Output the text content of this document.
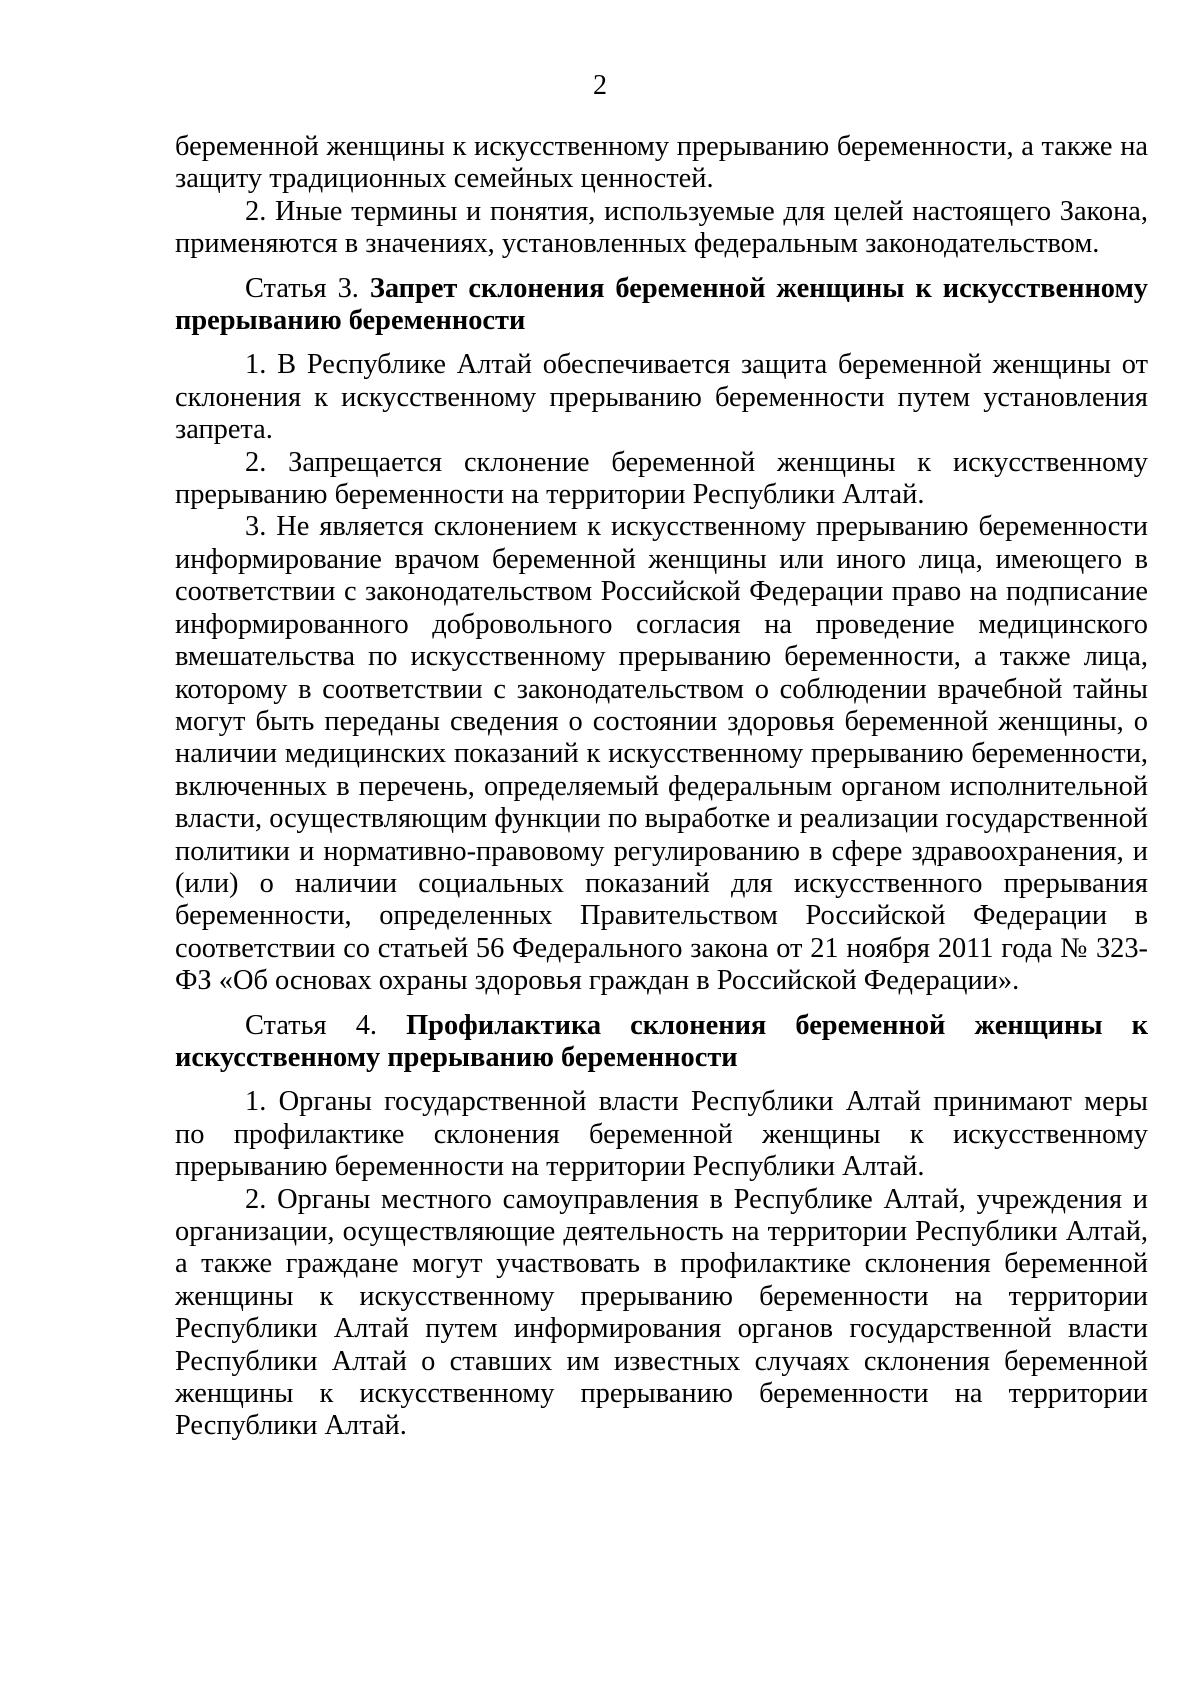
2

беременной женщины к искусственному прерыванию беременности, а также на защиту традиционных семейных ценностей.

2. Иные термины и понятия, используемые для целей настоящего Закона, применяются в значениях, установленных федеральным законодательством.

Статья 3. Запрет склонения беременной женщины к искусственному прерыванию беременности

1. В Республике Алтай обеспечивается защита беременной женщины от склонения к искусственному прерыванию беременности путем установления запрета.

2. Запрещается склонение беременной женщины к искусственному прерыванию беременности на территории Республики Алтай.

3. Не является склонением к искусственному прерыванию беременности информирование врачом беременной женщины или иного лица, имеющего в соответствии с законодательством Российской Федерации право на подписание информированного добровольного согласия на проведение медицинского вмешательства по искусственному прерыванию беременности, а также лица, которому в соответствии с законодательством о соблюдении врачебной тайны могут быть переданы сведения о состоянии здоровья беременной женщины, о наличии медицинских показаний к искусственному прерыванию беременности, включенных в перечень, определяемый федеральным органом исполнительной власти, осуществляющим функции по выработке и реализации государственной политики и нормативно-правовому регулированию в сфере здравоохранения, и (или) о наличии социальных показаний для искусственного прерывания беременности, определенных Правительством Российской Федерации в соответствии со статьей 56 Федерального закона от 21 ноября 2011 года № 323-ФЗ «Об основах охраны здоровья граждан в Российской Федерации».

Статья 4. Профилактика склонения беременной женщины к искусственному прерыванию беременности

1. Органы государственной власти Республики Алтай принимают меры по профилактике склонения беременной женщины к искусственному прерыванию беременности на территории Республики Алтай.

2. Органы местного самоуправления в Республике Алтай, учреждения и организации, осуществляющие деятельность на территории Республики Алтай, а также граждане могут участвовать в профилактике склонения беременной женщины к искусственному прерыванию беременности на территории Республики Алтай путем информирования органов государственной власти Республики Алтай о ставших им известных случаях склонения беременной женщины к искусственному прерыванию беременности на территории Республики Алтай.
